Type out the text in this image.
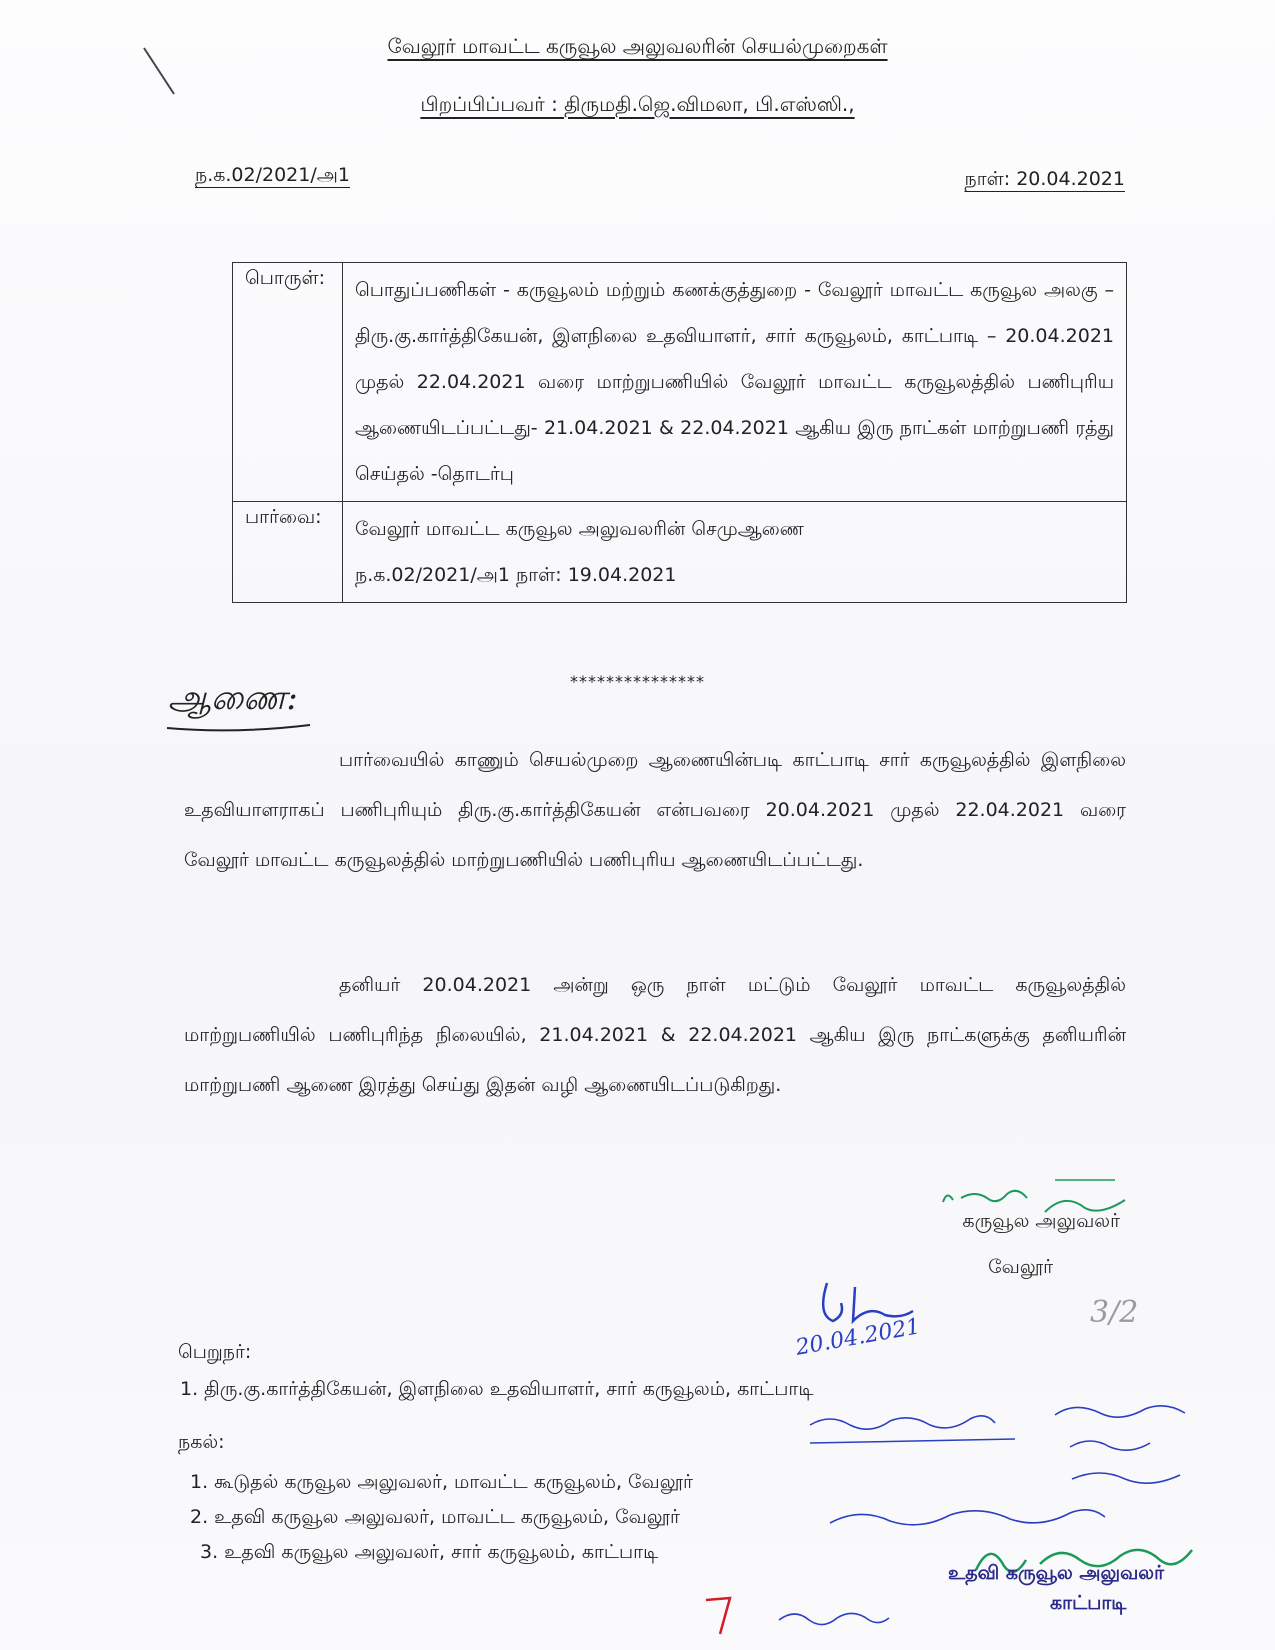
வேலூர் மாவட்ட கருவூல அலுவலரின் செயல்முறைகள்
பிறப்பிப்பவர் : திருமதி.ஜெ.விமலா, பி.எஸ்ஸி.,
ந.க.02/2021/அ1	நாள்: 20.04.2021
பொருள்:	பொதுப்பணிகள் - கருவூலம் மற்றும் கணக்குத்துறை - வேலூர் மாவட்ட கருவூல அலகு – திரு.கு.கார்த்திகேயன், இளநிலை உதவியாளர், சார் கருவூலம், காட்பாடி – 20.04.2021 முதல் 22.04.2021 வரை மாற்றுபணியில் வேலூர் மாவட்ட கருவூலத்தில் பணிபுரிய ஆணையிடப்பட்டது- 21.04.2021 & 22.04.2021 ஆகிய இரு நாட்கள் மாற்றுபணி ரத்து செய்தல் -தொடர்பு

பார்வை:	வேலூர் மாவட்ட கருவூல அலுவலரின் செமுஆணை
ந.க.02/2021/அ1 நாள்: 19.04.2021
***************
ஆணை:

பார்வையில் காணும் செயல்முறை ஆணையின்படி காட்பாடி சார் கருவூலத்தில் இளநிலை உதவியாளராகப் பணிபுரியும் திரு.கு.கார்த்திகேயன் என்பவரை 20.04.2021 முதல் 22.04.2021 வரை வேலூர் மாவட்ட கருவூலத்தில் மாற்றுபணியில் பணிபுரிய ஆணையிடப்பட்டது.

தனியர் 20.04.2021 அன்று ஒரு நாள் மட்டும் வேலூர் மாவட்ட கருவூலத்தில் மாற்றுபணியில் பணிபுரிந்த நிலையில், 21.04.2021 & 22.04.2021 ஆகிய இரு நாட்களுக்கு தனியரின் மாற்றுபணி ஆணை இரத்து செய்து இதன் வழி ஆணையிடப்படுகிறது.

கருவூல அலுவலர்
வேலூர்
20.04.2021
3/2
பெறுநர்:
1. திரு.கு.கார்த்திகேயன், இளநிலை உதவியாளர், சார் கருவூலம், காட்பாடி
நகல்:
1. கூடுதல் கருவூல அலுவலர், மாவட்ட கருவூலம், வேலூர்
2. உதவி கருவூல அலுவலர், மாவட்ட கருவூலம், வேலூர்
3. உதவி கருவூல அலுவலர், சார் கருவூலம், காட்பாடி
உதவி கருவூல அலுவலர்
காட்பாடி
